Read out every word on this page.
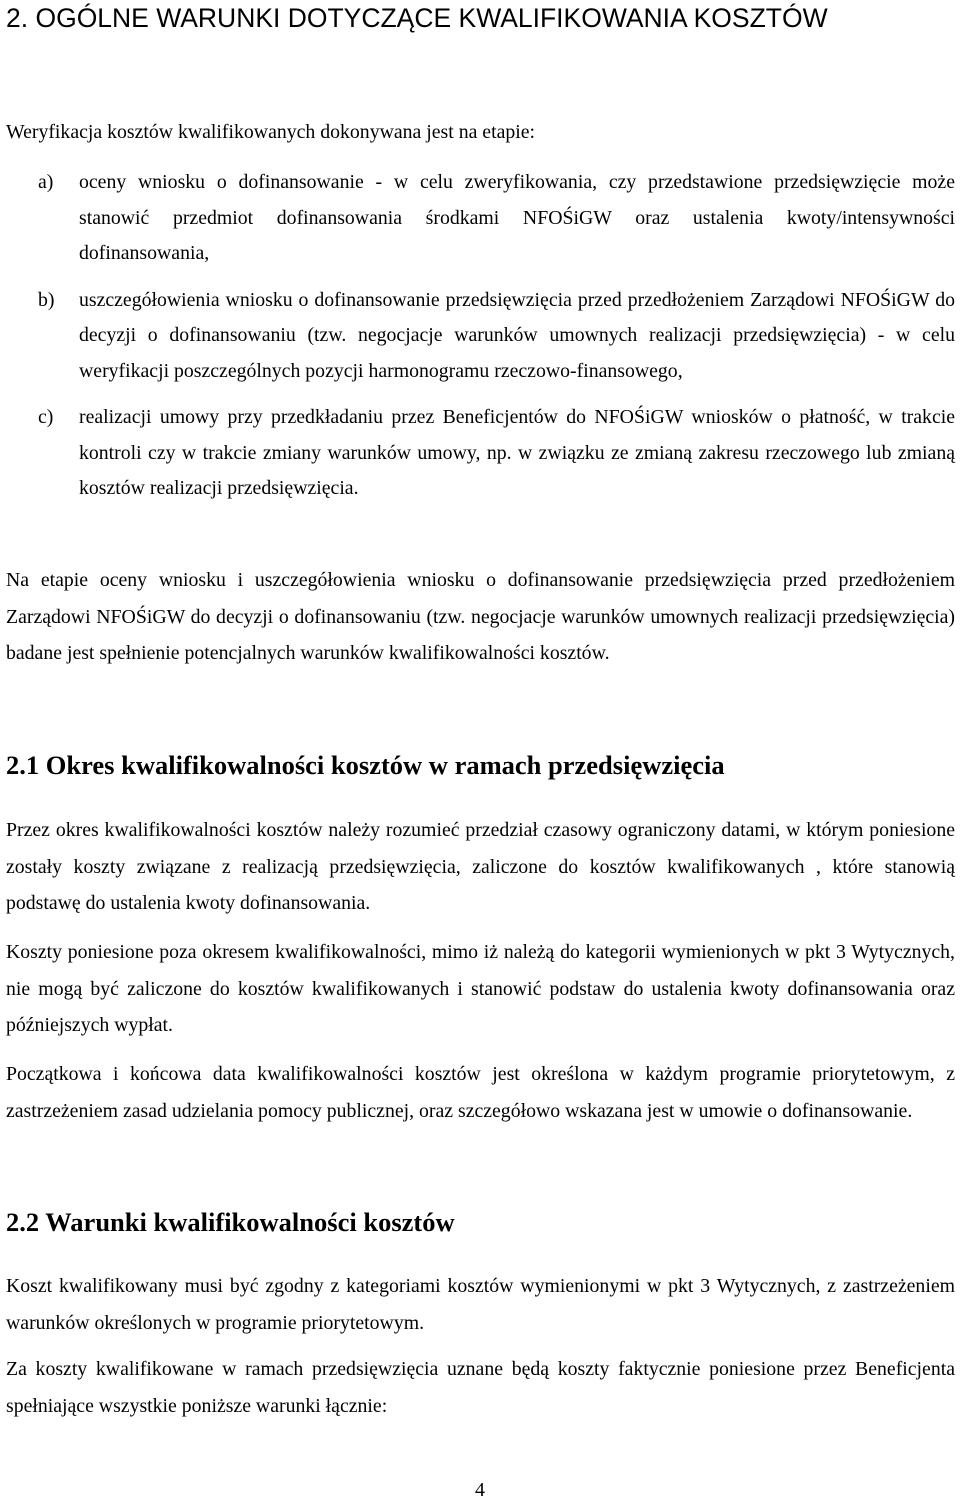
2. OGÓLNE WARUNKI DOTYCZĄCE KWALIFIKOWANIA KOSZTÓW

Weryfikacja kosztów kwalifikowanych dokonywana jest na etapie:

a) oceny wniosku o dofinansowanie - w celu zweryfikowania, czy przedstawione przedsięwzięcie może stanowić przedmiot dofinansowania środkami NFOŚiGW oraz ustalenia kwoty/intensywności dofinansowania,
b) uszczegółowienia wniosku o dofinansowanie przedsięwzięcia przed przedłożeniem Zarządowi NFOŚiGW do decyzji o dofinansowaniu (tzw. negocjacje warunków umownych realizacji przedsięwzięcia) - w celu weryfikacji poszczególnych pozycji harmonogramu rzeczowo-finansowego,
c) realizacji umowy przy przedkładaniu przez Beneficjentów do NFOŚiGW wniosków o płatność, w trakcie kontroli czy w trakcie zmiany warunków umowy, np. w związku ze zmianą zakresu rzeczowego lub zmianą kosztów realizacji przedsięwzięcia.

Na etapie oceny wniosku i uszczegółowienia wniosku o dofinansowanie przedsięwzięcia przed przedłożeniem Zarządowi NFOŚiGW do decyzji o dofinansowaniu (tzw. negocjacje warunków umownych realizacji przedsięwzięcia) badane jest spełnienie potencjalnych warunków kwalifikowalności kosztów.

2.1 Okres kwalifikowalności kosztów w ramach przedsięwzięcia

Przez okres kwalifikowalności kosztów należy rozumieć przedział czasowy ograniczony datami, w którym poniesione zostały koszty związane z realizacją przedsięwzięcia, zaliczone do kosztów kwalifikowanych , które stanowią podstawę do ustalenia kwoty dofinansowania.

Koszty poniesione poza okresem kwalifikowalności, mimo iż należą do kategorii wymienionych w pkt 3 Wytycznych, nie mogą być zaliczone do kosztów kwalifikowanych i stanowić podstaw do ustalenia kwoty dofinansowania oraz późniejszych wypłat.

Początkowa i końcowa data kwalifikowalności kosztów jest określona w każdym programie priorytetowym, z zastrzeżeniem zasad udzielania pomocy publicznej, oraz szczegółowo wskazana jest w umowie o dofinansowanie.

2.2 Warunki kwalifikowalności kosztów

Koszt kwalifikowany musi być zgodny z kategoriami kosztów wymienionymi w pkt 3 Wytycznych, z zastrzeżeniem warunków określonych w programie priorytetowym.

Za koszty kwalifikowane w ramach przedsięwzięcia uznane będą koszty faktycznie poniesione przez Beneficjenta spełniające wszystkie poniższe warunki łącznie:

4
